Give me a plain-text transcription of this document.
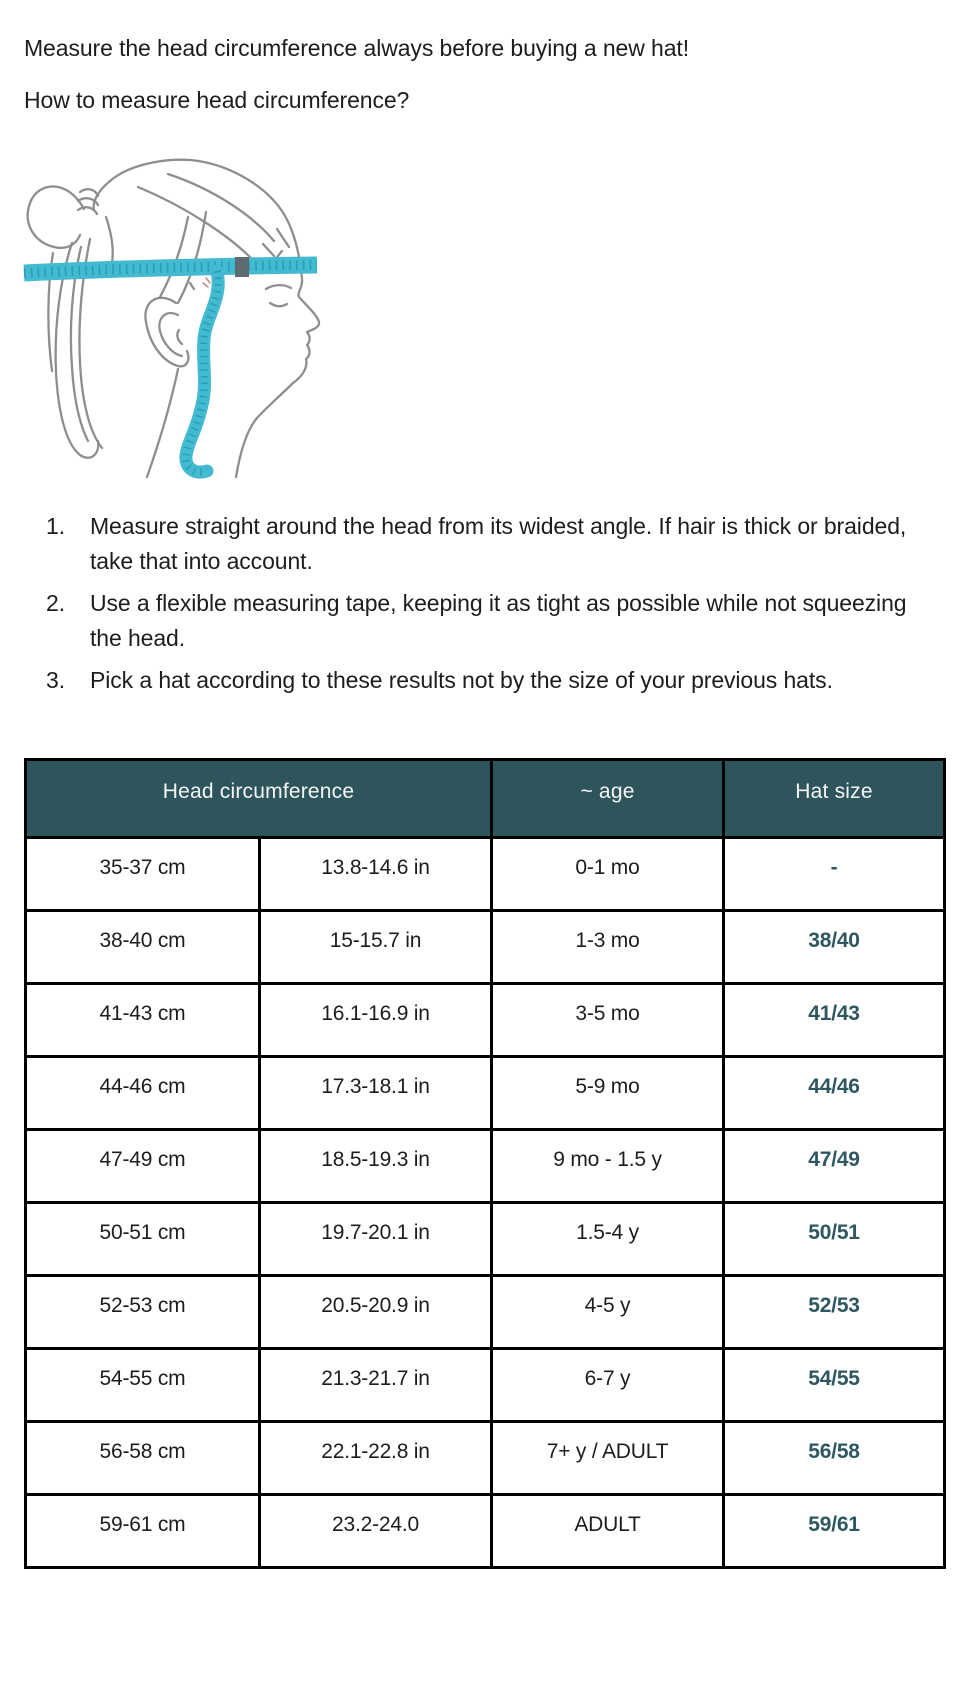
Measure the head circumference always before buying a new hat!
How to measure head circumference?
1.	Measure straight around the head from its widest angle. If hair is thick or braided, take that into account.
2.	Use a flexible measuring tape, keeping it as tight as possible while not squeezing the head.
3.	Pick a hat according to these results not by the size of your previous hats.
Head circumference		~ age	Hat size
35-37 cm	13.8-14.6 in	0-1 mo	-
38-40 cm	15-15.7 in	1-3 mo	38/40
41-43 cm	16.1-16.9 in	3-5 mo	41/43
44-46 cm	17.3-18.1 in	5-9 mo	44/46
47-49 cm	18.5-19.3 in	9 mo - 1.5 y	47/49
50-51 cm	19.7-20.1 in	1.5-4 y	50/51
52-53 cm	20.5-20.9 in	4-5 y	52/53
54-55 cm	21.3-21.7 in	6-7 y	54/55
56-58 cm	22.1-22.8 in	7+ y / ADULT	56/58
59-61 cm	23.2-24.0	ADULT	59/61
